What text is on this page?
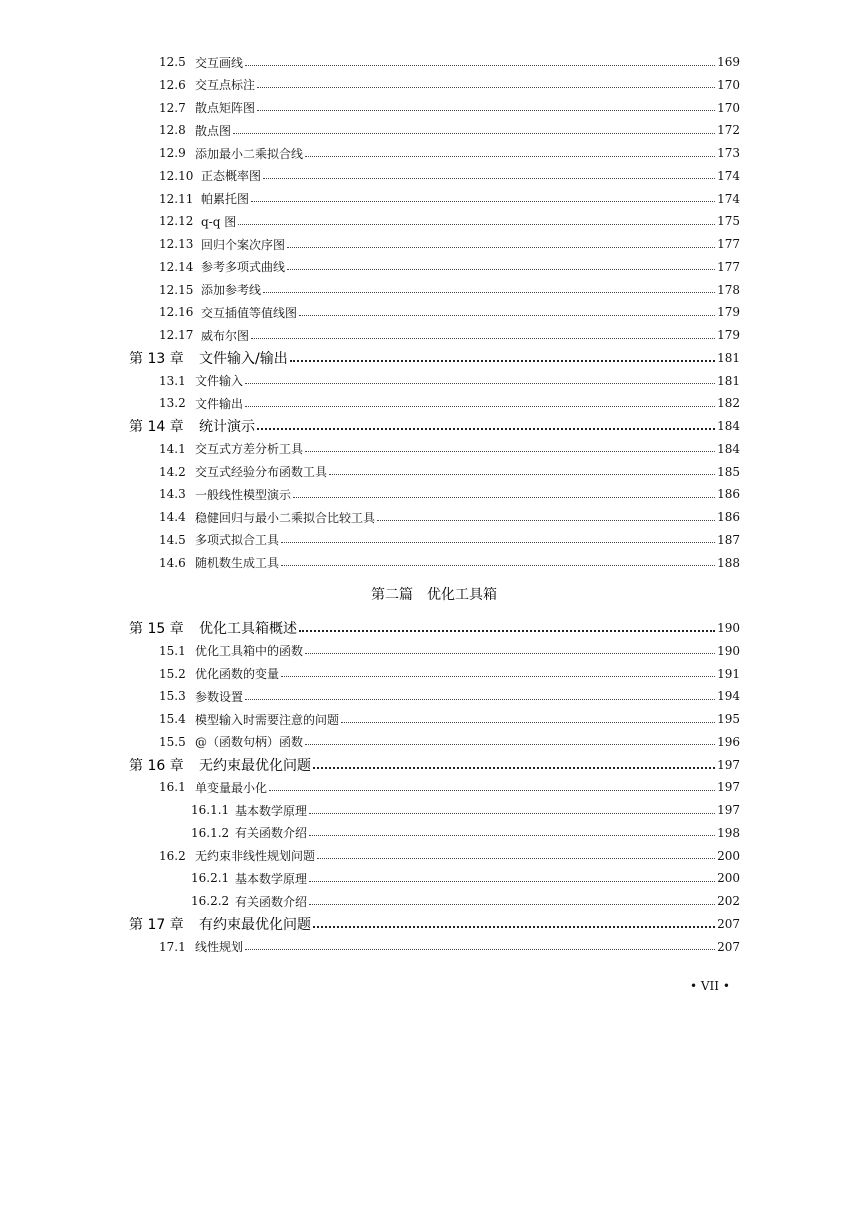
12.5 交互画线	169
12.6 交互点标注	170
12.7 散点矩阵图	170
12.8 散点图	172
12.9 添加最小二乘拟合线	173
12.10 正态概率图	174
12.11 帕累托图	174
12.12 q-q 图	175
12.13 回归个案次序图	177
12.14 参考多项式曲线	177
12.15 添加参考线	178
12.16 交互插值等值线图	179
12.17 威布尔图	179
第 13 章	文件输入/输出	181
13.1 文件输入	181
13.2 文件输出	182
第 14 章	统计演示	184
14.1 交互式方差分析工具	184
14.2 交互式经验分布函数工具	185
14.3 一般线性模型演示	186
14.4 稳健回归与最小二乘拟合比较工具	186
14.5 多项式拟合工具	187
14.6 随机数生成工具	188
第二篇　优化工具箱
第 15 章	优化工具箱概述	190
15.1 优化工具箱中的函数	190
15.2 优化函数的变量	191
15.3 参数设置	194
15.4 模型输入时需要注意的问题	195
15.5 @（函数句柄）函数	196
第 16 章	无约束最优化问题	197
16.1 单变量最小化	197
16.1.1 基本数学原理	197
16.1.2 有关函数介绍	198
16.2 无约束非线性规划问题	200
16.2.1 基本数学原理	200
16.2.2 有关函数介绍	202
第 17 章	有约束最优化问题	207
17.1 线性规划	207
• VII •
